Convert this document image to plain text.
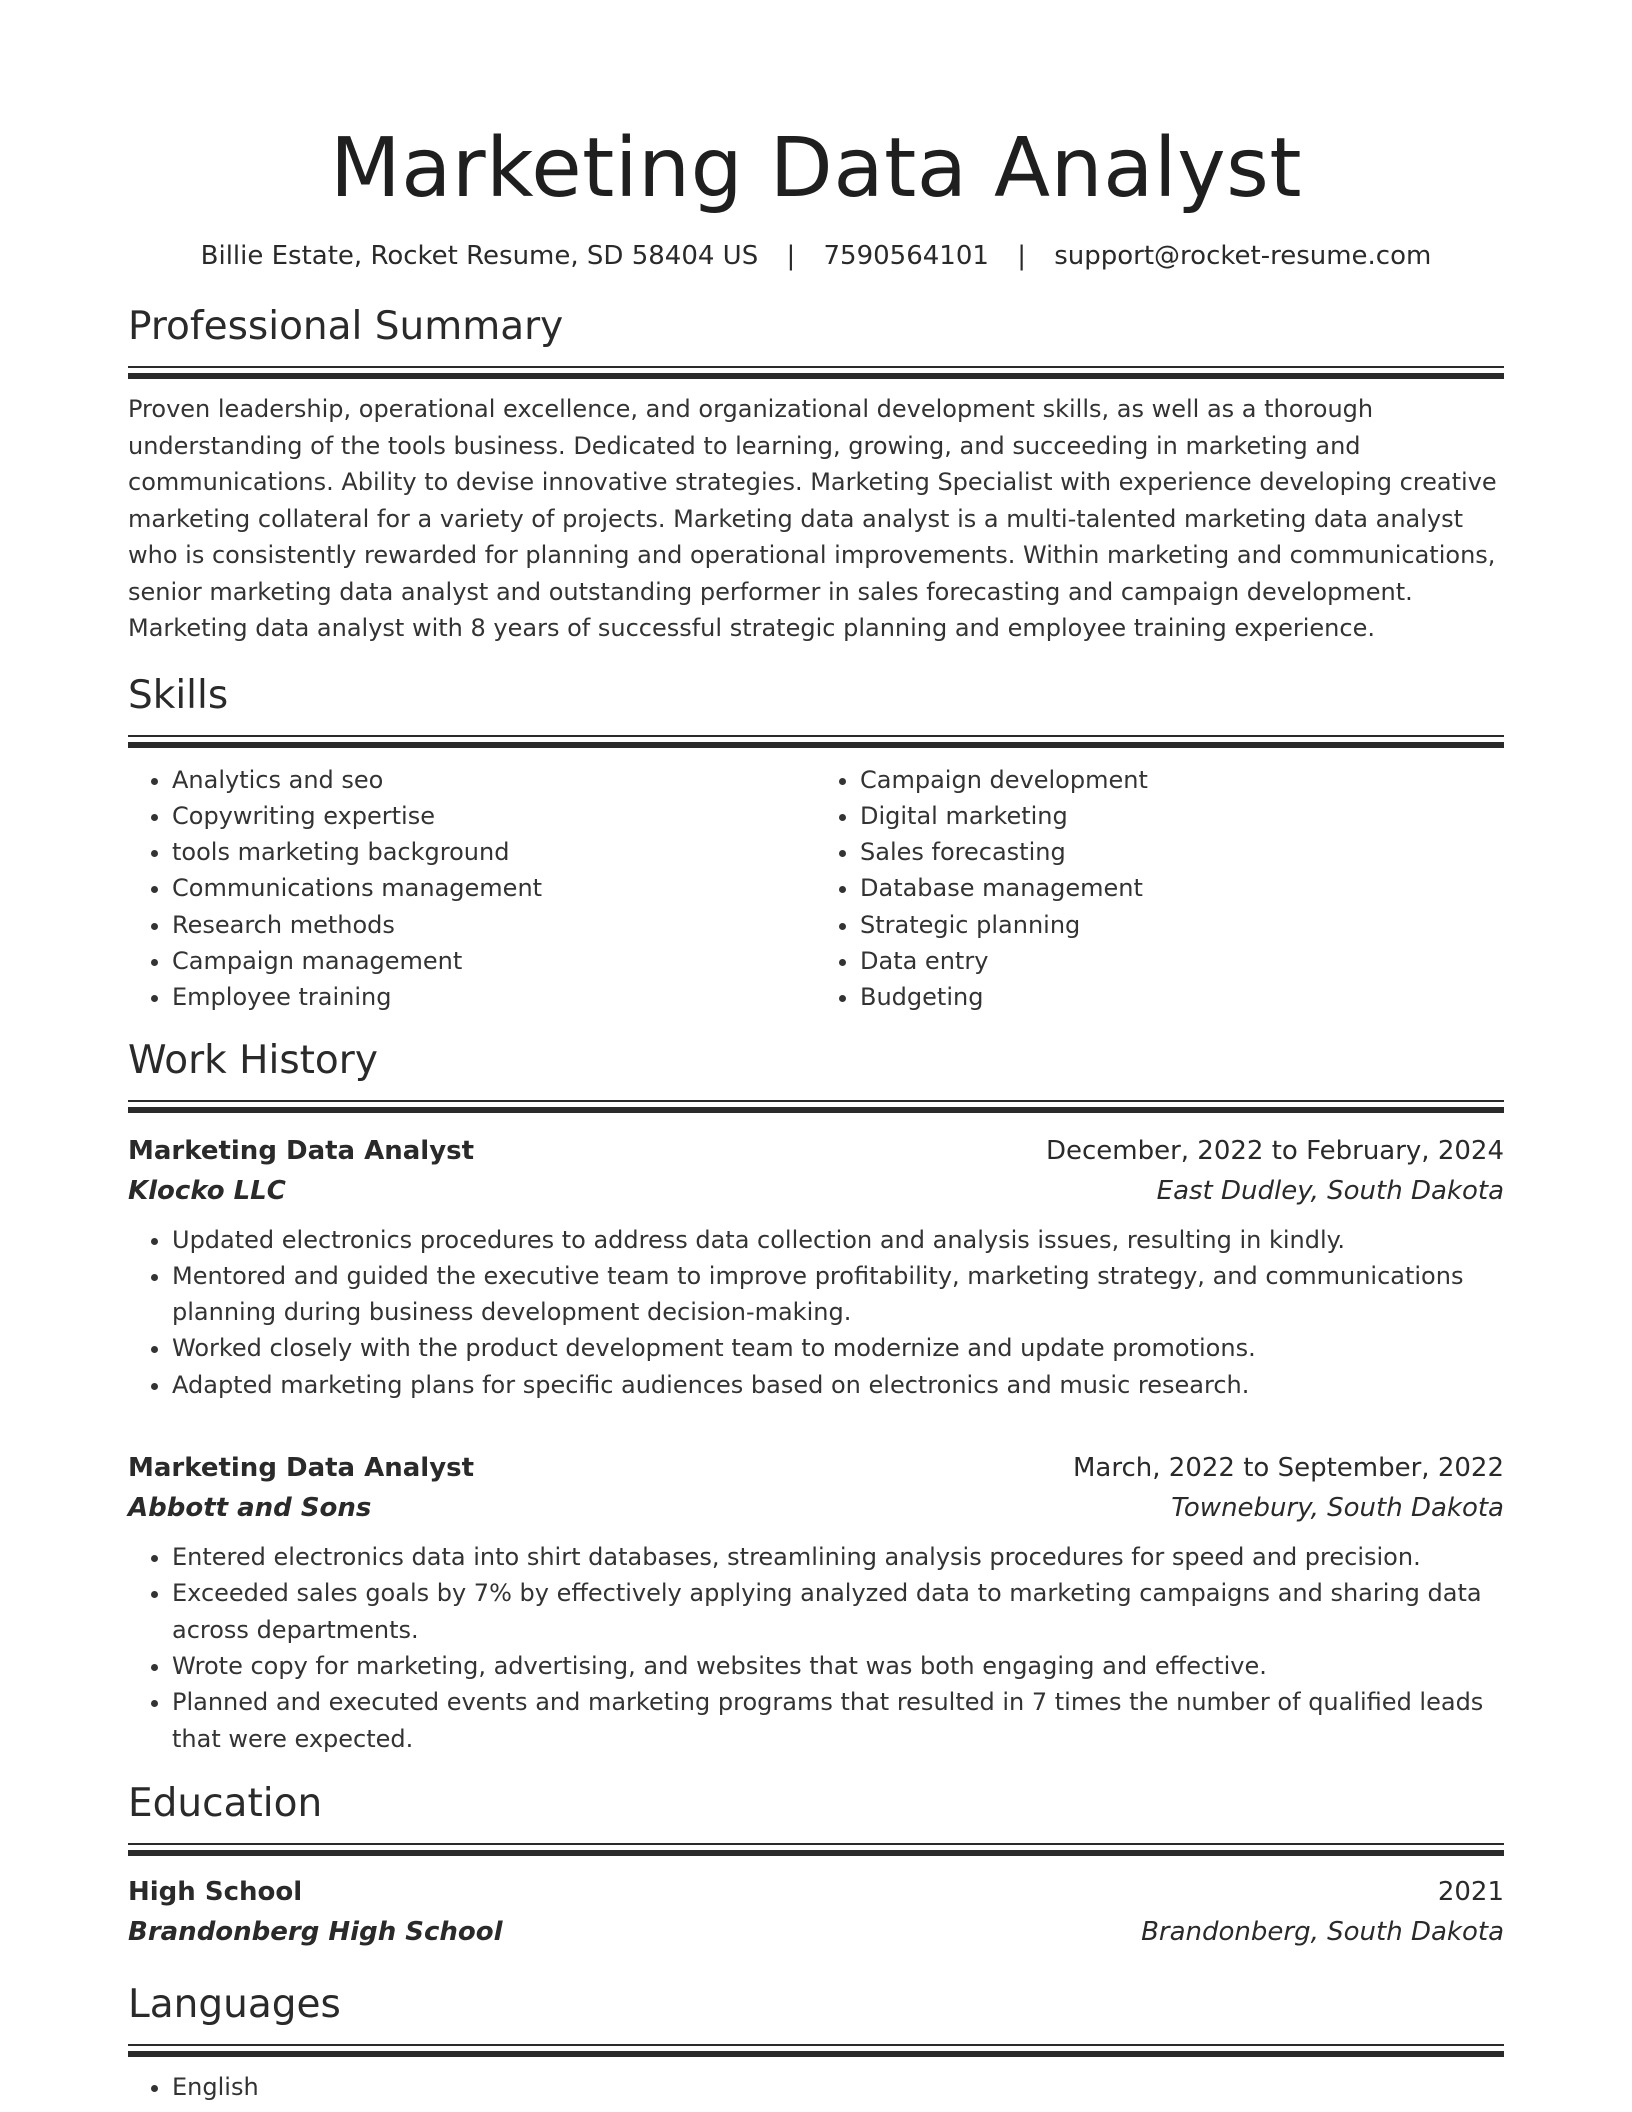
Marketing Data Analyst
Billie Estate, Rocket Resume, SD 58404 US | 7590564101 | support@rocket-resume.com
Professional Summary

Proven leadership, operational excellence, and organizational development skills, as well as a thorough understanding of the tools business. Dedicated to learning, growing, and succeeding in marketing and communications. Ability to devise innovative strategies. Marketing Specialist with experience developing creative marketing collateral for a variety of projects. Marketing data analyst is a multi-talented marketing data analyst who is consistently rewarded for planning and operational improvements. Within marketing and communications, senior marketing data analyst and outstanding performer in sales forecasting and campaign development. Marketing data analyst with 8 years of successful strategic planning and employee training experience.

Skills
• Analytics and seo
• Copywriting expertise
• tools marketing background
• Communications management
• Research methods
• Campaign management
• Employee training
• Campaign development
• Digital marketing
• Sales forecasting
• Database management
• Strategic planning
• Data entry
• Budgeting
Work History
Marketing Data Analyst	December, 2022 to February, 2024
Klocko LLC	East Dudley, South Dakota
• Updated electronics procedures to address data collection and analysis issues, resulting in kindly.
• Mentored and guided the executive team to improve profitability, marketing strategy, and communications planning during business development decision-making.
• Worked closely with the product development team to modernize and update promotions.
• Adapted marketing plans for specific audiences based on electronics and music research.
Marketing Data Analyst	March, 2022 to September, 2022
Abbott and Sons	Townebury, South Dakota
• Entered electronics data into shirt databases, streamlining analysis procedures for speed and precision.
• Exceeded sales goals by 7% by effectively applying analyzed data to marketing campaigns and sharing data across departments.
• Wrote copy for marketing, advertising, and websites that was both engaging and effective.
• Planned and executed events and marketing programs that resulted in 7 times the number of qualified leads that were expected.
Education
High School	2021
Brandonberg High School	Brandonberg, South Dakota
Languages
• English
